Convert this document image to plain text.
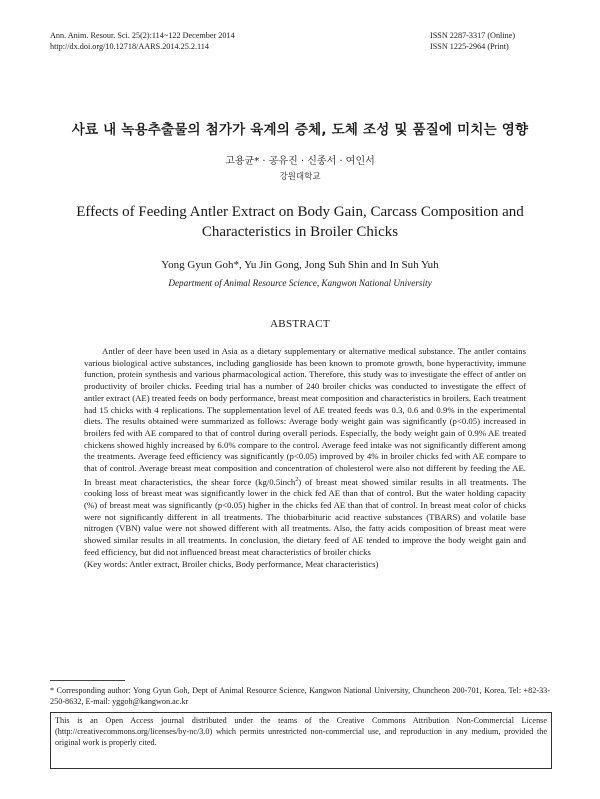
Ann. Anim. Resour. Sci. 25(2):114~122 December 2014
http://dx.doi.org/10.12718/AARS.2014.25.2.114
ISSN 2287-3317 (Online)
ISSN 1225-2964 (Print)
사료 내 녹용추출물의 첨가가 육계의 증체, 도체 조성 및 품질에 미치는 영향
고용균* · 공유진 · 신종서 · 여인서
강원대학교
Effects of Feeding Antler Extract on Body Gain, Carcass Composition and
Characteristics in Broiler Chicks
Yong Gyun Goh*, Yu Jin Gong, Jong Suh Shin and In Suh Yuh
Department of Animal Resource Science, Kangwon National University
ABSTRACT

Antler of deer have been used in Asia as a dietary supplementary or alternative medical substance. The antler contains various biological active substances, including ganglioside has been known to promote growth, bone hyperactivity, immune function, protein synthesis and various pharmacological action. Therefore, this study was to investigate the effect of antler on productivity of broiler chicks. Feeding trial has a number of 240 broiler chicks was conducted to investigate the effect of antler extract (AE) treated feeds on body performance, breast meat composition and characteristics in broilers. Each treatment had 15 chicks with 4 replications. The supplementation level of AE treated feeds was 0.3, 0.6 and 0.9% in the experimental diets. The results obtained were summarized as follows: Average body weight gain was significantly (p<0.05) increased in broilers fed with AE compared to that of control during overall periods. Especially, the body weight gain of 0.9% AE treated chickens showed highly increased by 6.0% compare to the control. Average feed intake was not significantly different among the treatments. Average feed efficiency was significantly (p<0.05) improved by 4% in broiler chicks fed with AE compare to that of control. Average breast meat composition and concentration of cholesterol were also not different by feeding the AE. In breast meat characteristics, the shear force (kg/0.5inch$^2$) of breast meat showed similar results in all treatments. The cooking loss of breast meat was significantly lower in the chick fed AE than that of control. But the water holding capacity (%) of breast meat was significantly (p<0.05) higher in the chicks fed AE than that of control. In breast meat color of chicks were not significantly different in all treatments. The thiobarbituric acid reactive substances (TBARS) and volatile base nitrogen (VBN) value were not showed different with all treatments. Also, the fatty acids composition of breast meat were showed similar results in all treatments. In conclusion, the dietary feed of AE tended to improve the body weight gain and feed efficiency, but did not influenced breast meat characteristics of broiler chicks

(Key words: Antler extract, Broiler chicks, Body performance, Meat characteristics)

* Corresponding author: Yong Gyun Goh, Dept of Animal Resource Science, Kangwon National University, Chuncheon 200-701, Korea. Tel: +82-33-250-8632, E-mail: yggoh@kangwon.ac.kr
This is an Open Access journal distributed under the teams of the Creative Commons Attribution Non-Commercial License (http://creativecommons.org/licenses/by-nc/3.0) which permits unrestricted non-commercial use, and reproduction in any medium, provided the original work is properly cited.
